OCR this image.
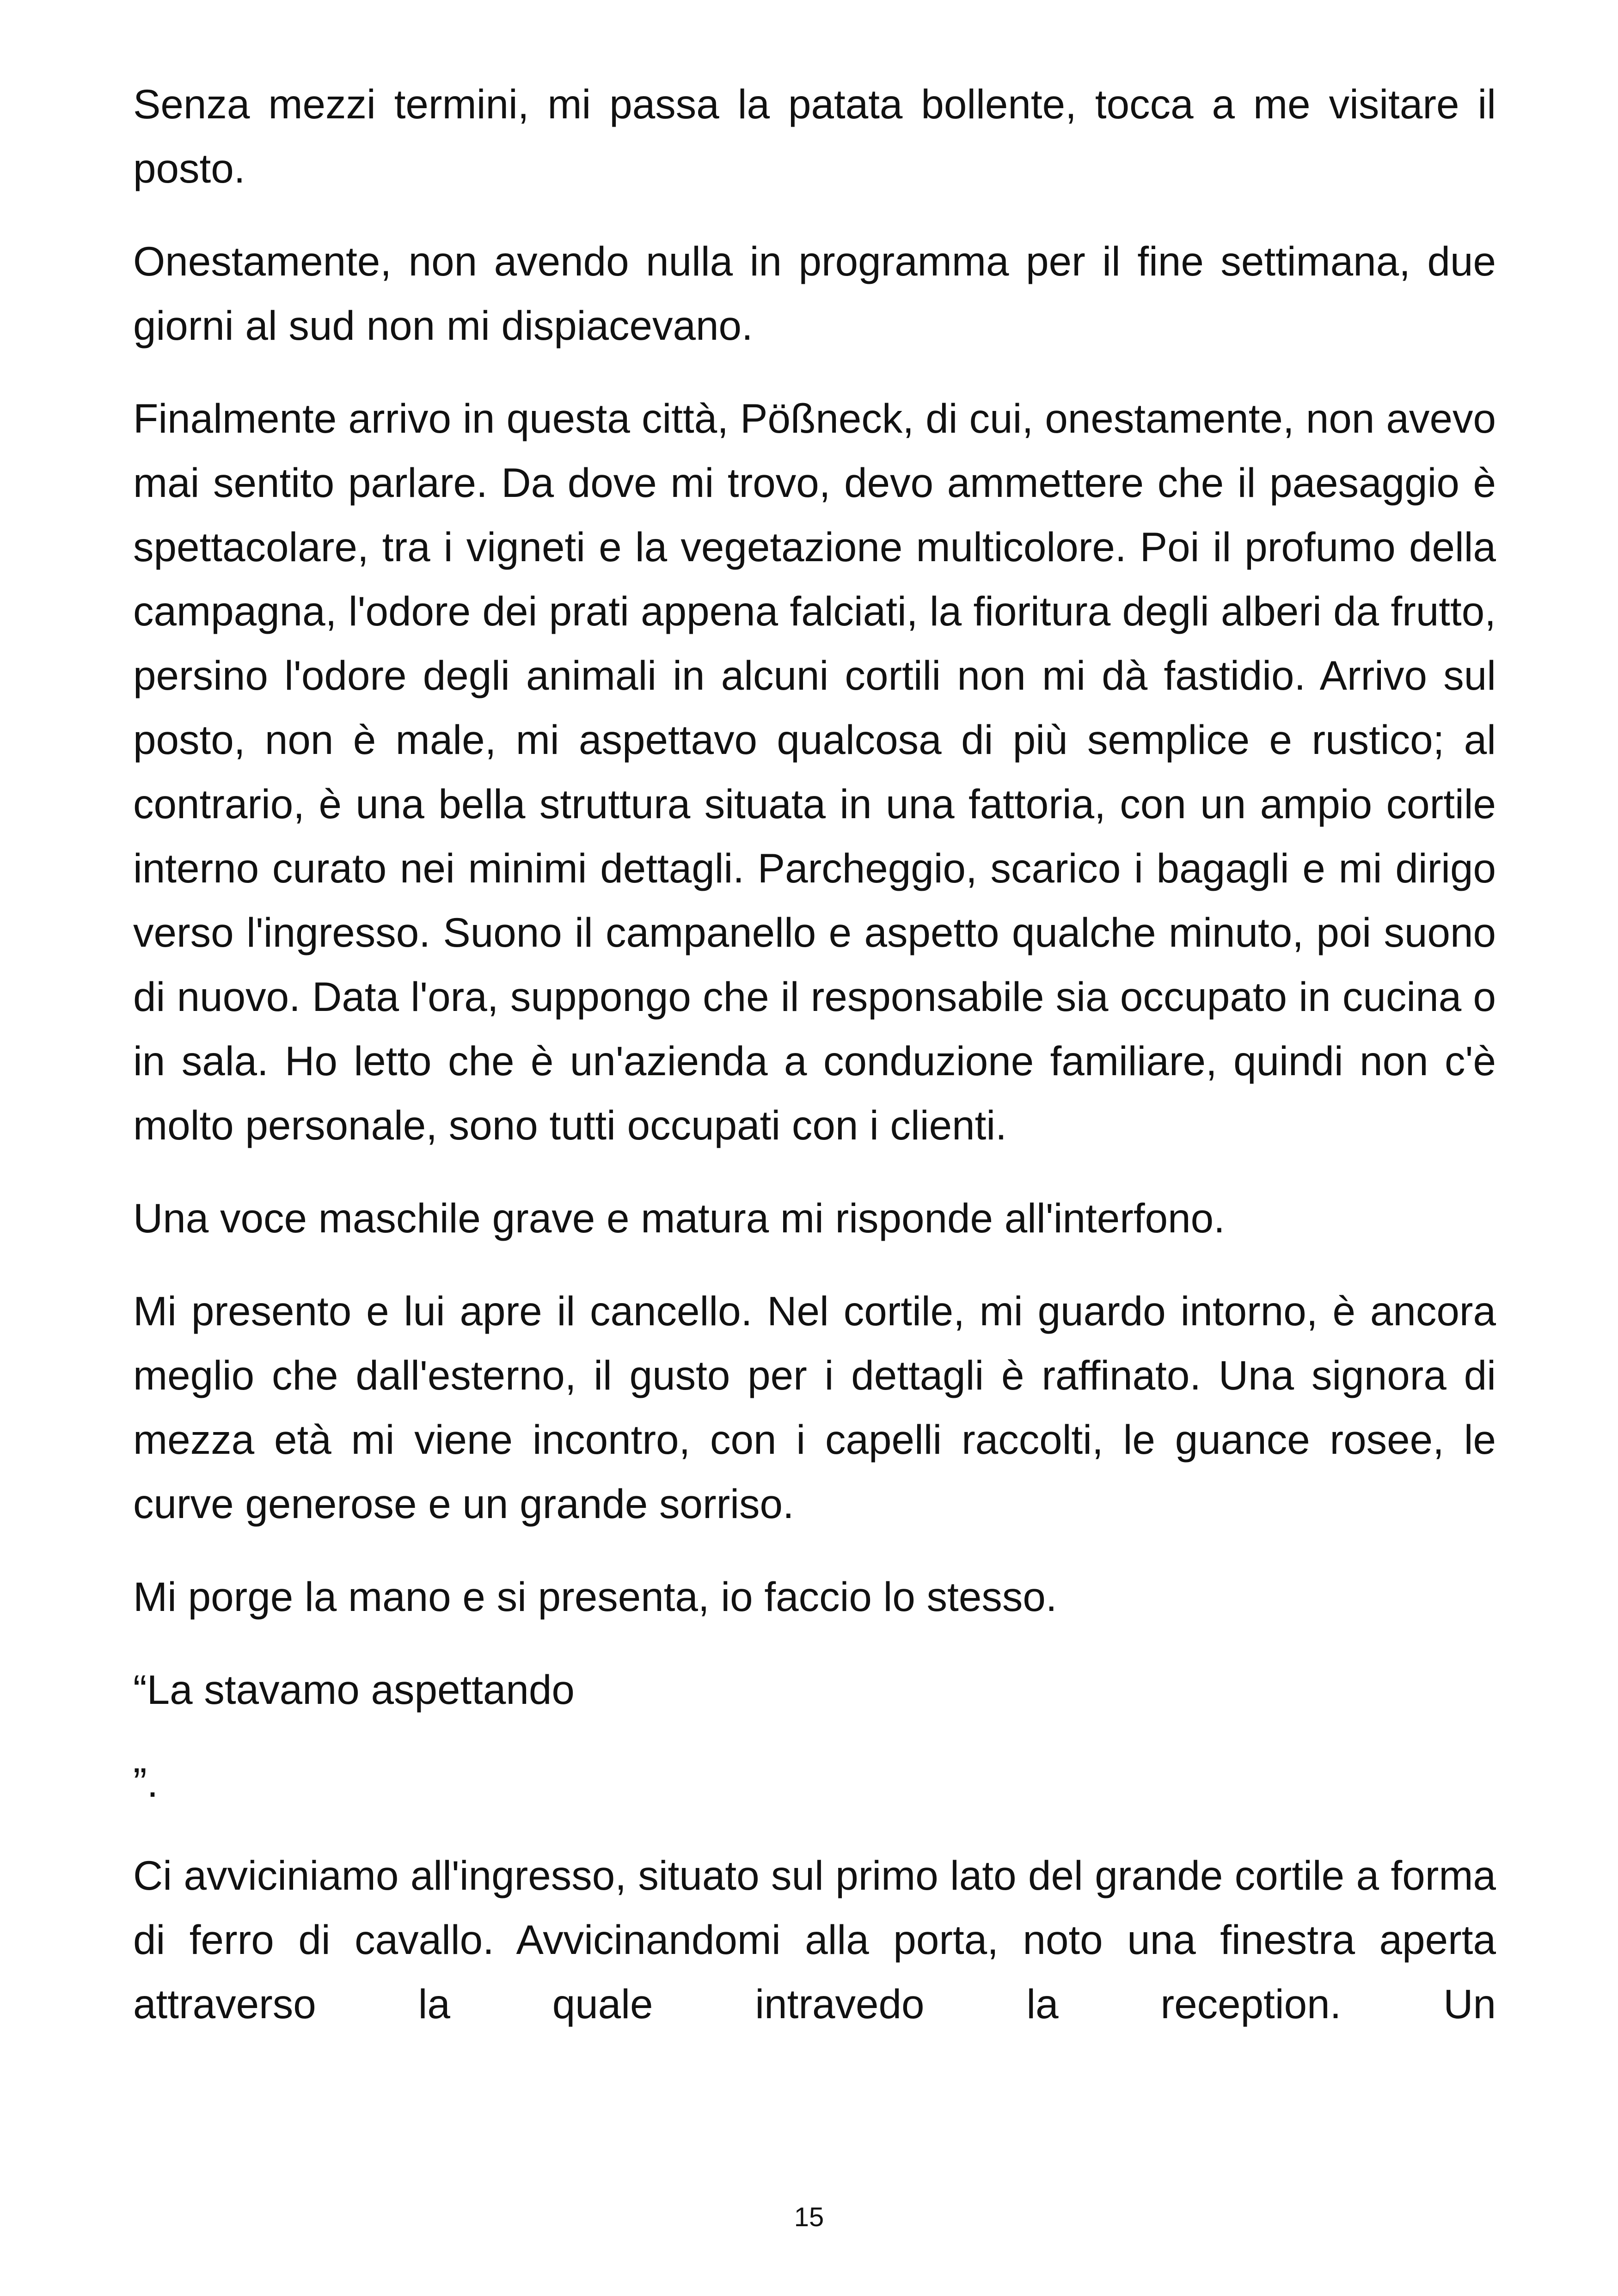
Senza mezzi termini, mi passa la patata bollente, tocca a me visitare il posto.

Onestamente, non avendo nulla in programma per il fine settimana, due giorni al sud non mi dispiacevano.

Finalmente arrivo in questa città, Pößneck, di cui, onestamente, non avevo mai sentito parlare. Da dove mi trovo, devo ammettere che il paesaggio è spettacolare, tra i vigneti e la vegetazione multicolore. Poi il profumo della campagna, l'odore dei prati appena falciati, la fioritura degli alberi da frutto, persino l'odore degli animali in alcuni cortili non mi dà fastidio. Arrivo sul posto, non è male, mi aspettavo qualcosa di più semplice e rustico; al contrario, è una bella struttura situata in una fattoria, con un ampio cortile interno curato nei minimi dettagli. Parcheggio, scarico i bagagli e mi dirigo verso l'ingresso. Suono il campanello e aspetto qualche minuto, poi suono di nuovo. Data l'ora, suppongo che il responsabile sia occupato in cucina o in sala. Ho letto che è un'azienda a conduzione familiare, quindi non c'è molto personale, sono tutti occupati con i clienti.

Una voce maschile grave e matura mi risponde all'interfono.

Mi presento e lui apre il cancello. Nel cortile, mi guardo intorno, è ancora meglio che dall'esterno, il gusto per i dettagli è raffinato. Una signora di mezza età mi viene incontro, con i capelli raccolti, le guance rosee, le curve generose e un grande sorriso.

Mi porge la mano e si presenta, io faccio lo stesso.

“La stavamo aspettando

”.

Ci avviciniamo all'ingresso, situato sul primo lato del grande cortile a forma di ferro di cavallo. Avvicinandomi alla porta, noto una finestra aperta attraverso la quale intravedo la reception. Un

15
